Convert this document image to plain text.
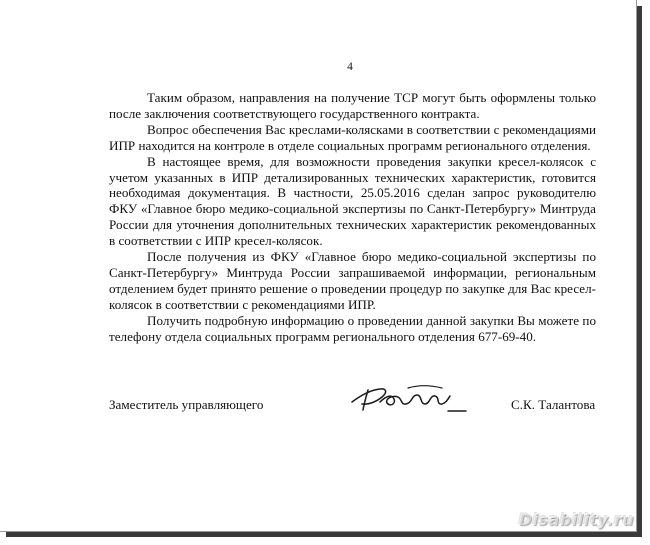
4

Таким образом, направления на получение ТСР могут быть оформлены только после заключения соответствующего государственного контракта.

Вопрос обеспечения Вас креслами-колясками в соответствии с рекомендациями ИПР находится на контроле в отделе социальных программ регионального отделения.

В настоящее время, для возможности проведения закупки кресел-колясок с учетом указанных в ИПР детализированных технических характеристик, готовится необходимая документация. В частности, 25.05.2016 сделан запрос руководителю ФКУ «Главное бюро медико-социальной экспертизы по Санкт-Петербургу» Минтруда России для уточнения дополнительных технических характеристик рекомендованных в соответствии с ИПР кресел-колясок.

После получения из ФКУ «Главное бюро медико-социальной экспертизы по Санкт-Петербургу» Минтруда России запрашиваемой информации, региональным отделением будет принято решение о проведении процедур по закупке для Вас кресел-колясок в соответствии с рекомендациями ИПР.

Получить подробную информацию о проведении данной закупки Вы можете по телефону отдела социальных программ регионального отделения 677-69-40.

Заместитель управляющего	С.К. Талантова
Disability.ru
